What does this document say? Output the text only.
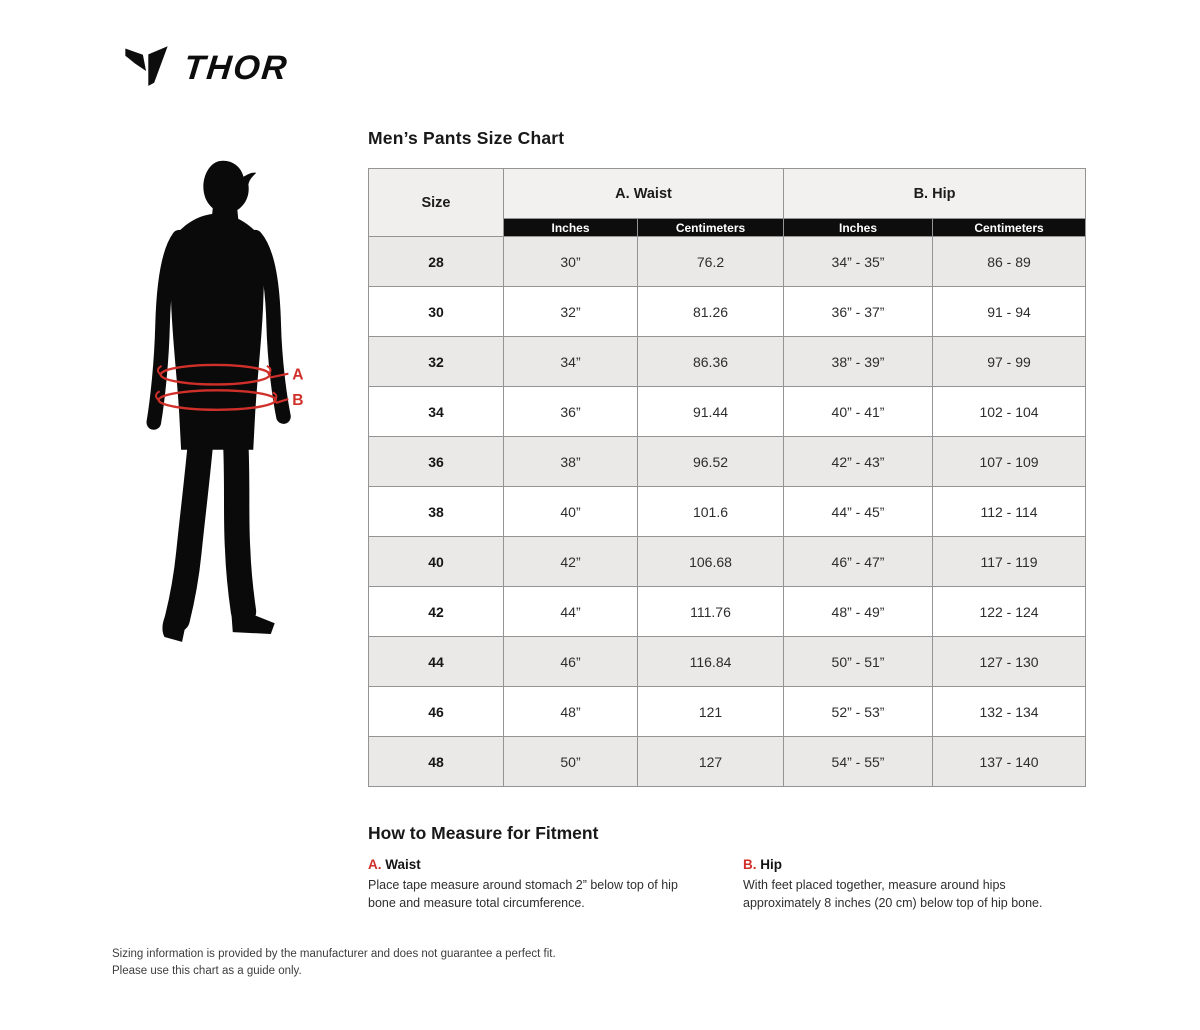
THOR
A
B
Men’s Pants Size Chart
Size	A. Waist		B. Hip	
	Inches	Centimeters	Inches	Centimeters
28	30”	76.2	34” - 35”	86 - 89
30	32”	81.26	36” - 37”	91 - 94
32	34”	86.36	38” - 39”	97 - 99
34	36”	91.44	40” - 41”	102 - 104
36	38”	96.52	42” - 43”	107 - 109
38	40”	101.6	44” - 45”	112 - 114
40	42”	106.68	46” - 47”	117 - 119
42	44”	111.76	48” - 49”	122 - 124
44	46”	116.84	50” - 51”	127 - 130
46	48”	121	52” - 53”	132 - 134
48	50”	127	54” - 55”	137 - 140
How to Measure for Fitment
A. Waist

Place tape measure around stomach 2” below top of hip bone and measure total circumference.

B. Hip

With feet placed together, measure around hips approximately 8 inches (20 cm) below top of hip bone.

Sizing information is provided by the manufacturer and does not guarantee a perfect fit.
Please use this chart as a guide only.
